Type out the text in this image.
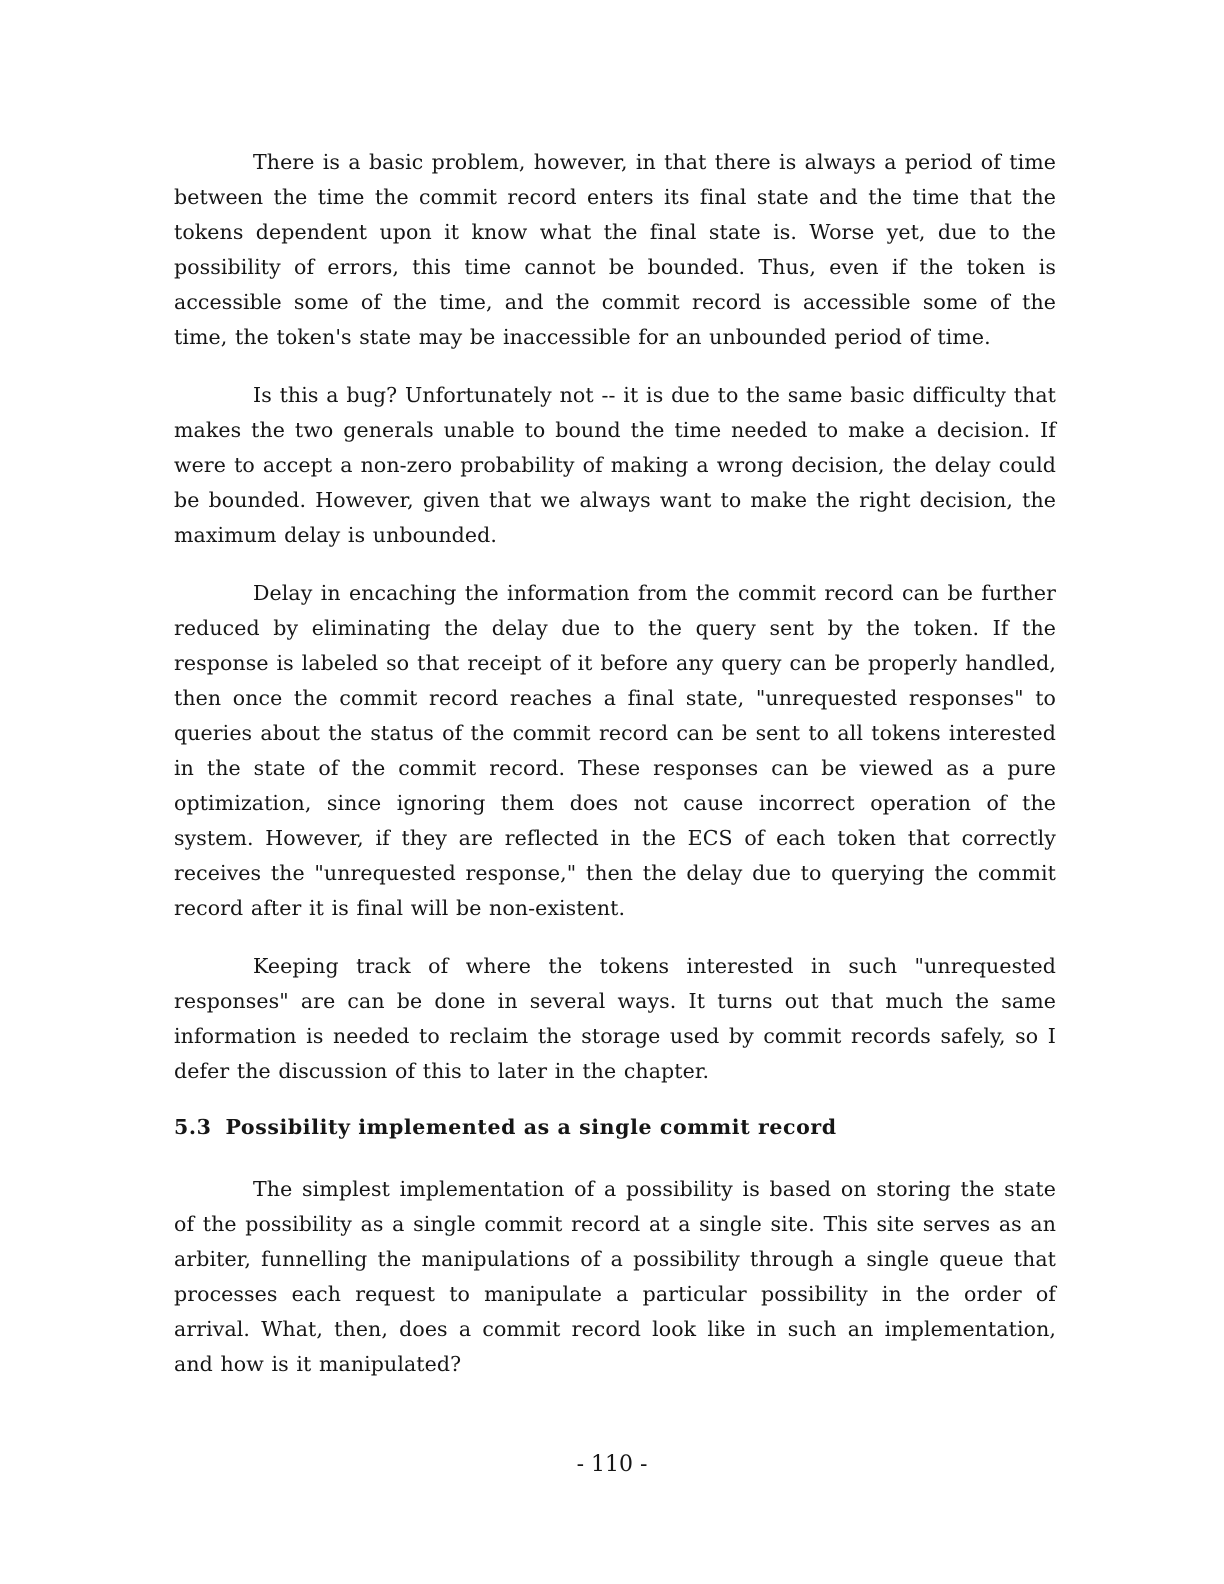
There is a basic problem, however, in that there is always a period of time between the time the commit record enters its final state and the time that the tokens dependent upon it know what the final state is. Worse yet, due to the possibility of errors, this time cannot be bounded. Thus, even if the token is accessible some of the time, and the commit record is accessible some of the time, the token's state may be inaccessible for an unbounded period of time.

Is this a bug? Unfortunately not -- it is due to the same basic difficulty that makes the two generals unable to bound the time needed to make a decision. If were to accept a non-zero probability of making a wrong decision, the delay could be bounded. However, given that we always want to make the right decision, the maximum delay is unbounded.

Delay in encaching the information from the commit record can be further reduced by eliminating the delay due to the query sent by the token. If the response is labeled so that receipt of it before any query can be properly handled, then once the commit record reaches a final state, "unrequested responses" to queries about the status of the commit record can be sent to all tokens interested in the state of the commit record. These responses can be viewed as a pure optimization, since ignoring them does not cause incorrect operation of the system. However, if they are reflected in the ECS of each token that correctly receives the "unrequested response," then the delay due to querying the commit record after it is final will be non-existent.

Keeping track of where the tokens interested in such "unrequested responses" are can be done in several ways. It turns out that much the same information is needed to reclaim the storage used by commit records safely, so I defer the discussion of this to later in the chapter.

5.3 Possibility implemented as a single commit record

The simplest implementation of a possibility is based on storing the state of the possibility as a single commit record at a single site. This site serves as an arbiter, funnelling the manipulations of a possibility through a single queue that processes each request to manipulate a particular possibility in the order of arrival. What, then, does a commit record look like in such an implementation, and how is it manipulated?

- 110 -
